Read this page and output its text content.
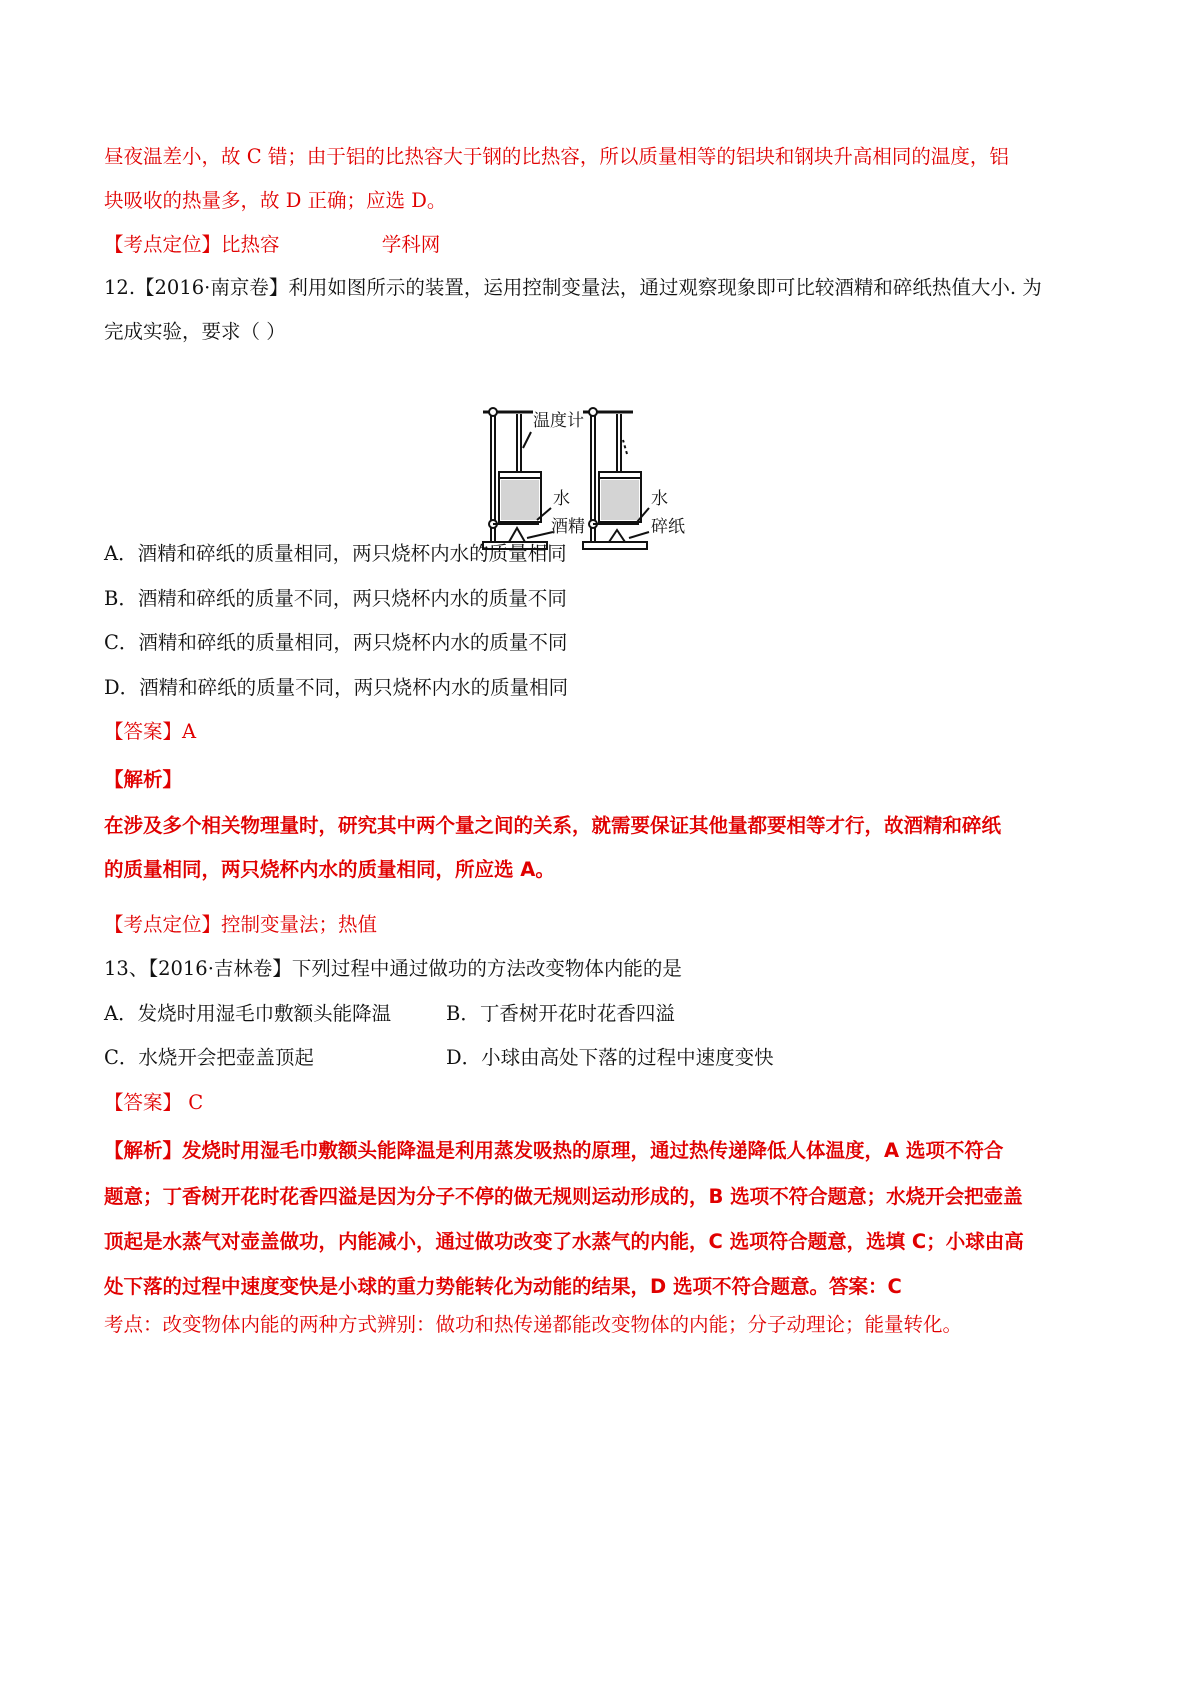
昼夜温差小，故 C 错；由于铝的比热容大于钢的比热容，所以质量相等的铝块和钢块升高相同的温度，铝
块吸收的热量多，故 D 正确；应选 D。
【考点定位】比热容	学科网
12.【2016·南京卷】利用如图所示的装置，运用控制变量法，通过观察现象即可比较酒精和碎纸热值大小. 为
完成实验，要求（ ）
温度计
水
酒精
水
碎纸
A．酒精和碎纸的质量相同，两只烧杯内水的质量相同
B．酒精和碎纸的质量不同，两只烧杯内水的质量不同
C．酒精和碎纸的质量相同，两只烧杯内水的质量不同
D．酒精和碎纸的质量不同，两只烧杯内水的质量相同
【答案】A
【解析】
在涉及多个相关物理量时，研究其中两个量之间的关系，就需要保证其他量都要相等才行，故酒精和碎纸
的质量相同，两只烧杯内水的质量相同，所应选 A。
【考点定位】控制变量法；热值
13、【2016·吉林卷】下列过程中通过做功的方法改变物体内能的是
A．发烧时用湿毛巾敷额头能降温	B．丁香树开花时花香四溢
C．水烧开会把壶盖顶起	D．小球由高处下落的过程中速度变快
【答案】 C
【解析】发烧时用湿毛巾敷额头能降温是利用蒸发吸热的原理，通过热传递降低人体温度，A 选项不符合
题意；丁香树开花时花香四溢是因为分子不停的做无规则运动形成的，B 选项不符合题意；水烧开会把壶盖
顶起是水蒸气对壶盖做功，内能减小，通过做功改变了水蒸气的内能，C 选项符合题意，选填 C；小球由高
处下落的过程中速度变快是小球的重力势能转化为动能的结果，D 选项不符合题意。答案：C
考点：改变物体内能的两种方式辨别：做功和热传递都能改变物体的内能；分子动理论；能量转化。
